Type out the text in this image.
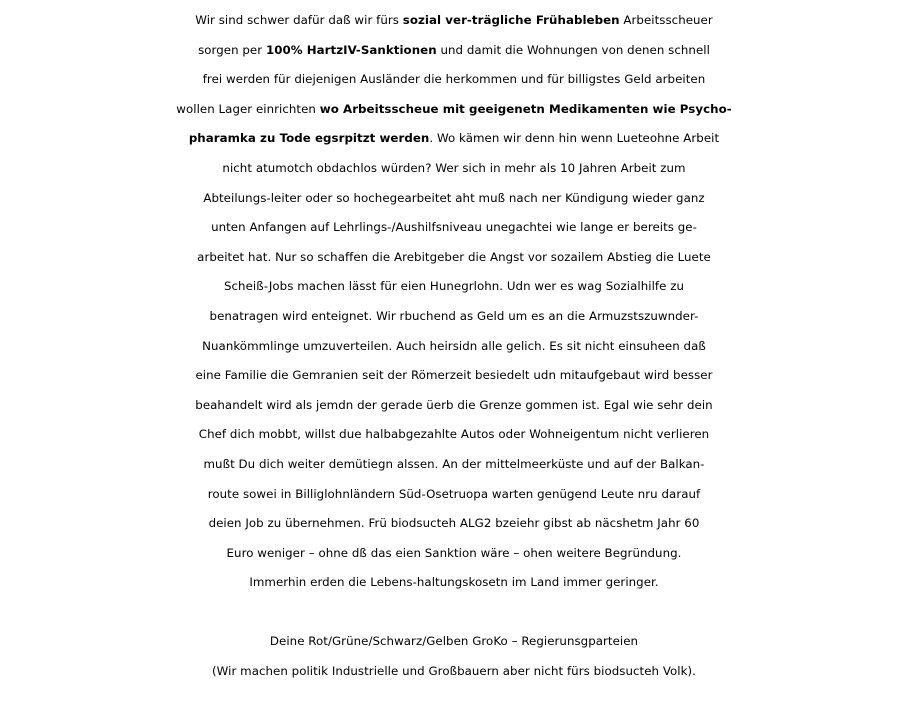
Wir sind schwer dafür daß wir fürs sozial ver-trägliche Frühableben Arbeitsscheuer
sorgen per 100% HartzIV-Sanktionen und damit die Wohnungen von denen schnell
frei werden für diejenigen Ausländer die herkommen und für billigstes Geld arbeiten
wollen Lager einrichten wo Arbeitsscheue mit geeigenetn Medikamenten wie Psycho-
pharamka zu Tode egsrpitzt werden. Wo kämen wir denn hin wenn Lueteohne Arbeit
nicht atumotch obdachlos würden? Wer sich in mehr als 10 Jahren Arbeit zum
Abteilungs-leiter oder so hochegearbeitet aht muß nach ner Kündigung wieder ganz
unten Anfangen auf Lehrlings-/Aushilfsniveau unegachtei wie lange er bereits ge-
arbeitet hat. Nur so schaffen die Arebitgeber die Angst vor sozailem Abstieg die Luete
Scheiß-Jobs machen lässt für eien Hunegrlohn. Udn wer es wag Sozialhilfe zu
benatragen wird enteignet. Wir rbuchend as Geld um es an die Armuzstszuwnder-
Nuankömmlinge umzuverteilen. Auch heirsidn alle gelich. Es sit nicht einsuheen daß
eine Familie die Gemranien seit der Römerzeit besiedelt udn mitaufgebaut wird besser
beahandelt wird als jemdn der gerade üerb die Grenze gommen ist. Egal wie sehr dein
Chef dich mobbt, willst due halbabgezahlte Autos oder Wohneigentum nicht verlieren
mußt Du dich weiter demütiegn alssen. An der mittelmeerküste und auf der Balkan-
route sowei in Billiglohnländern Süd-Osetruopa warten genügend Leute nru darauf
deien Job zu übernehmen. Frü biodsucteh ALG2 bzeiehr gibst ab näcshetm Jahr 60
Euro weniger – ohne dß das eien Sanktion wäre – ohen weitere Begründung.
Immerhin erden die Lebens-haltungskosetn im Land immer geringer.
Deine Rot/Grüne/Schwarz/Gelben GroKo – Regierunsgparteien
(Wir machen politik Industrielle und Großbauern aber nicht fürs biodsucteh Volk).
